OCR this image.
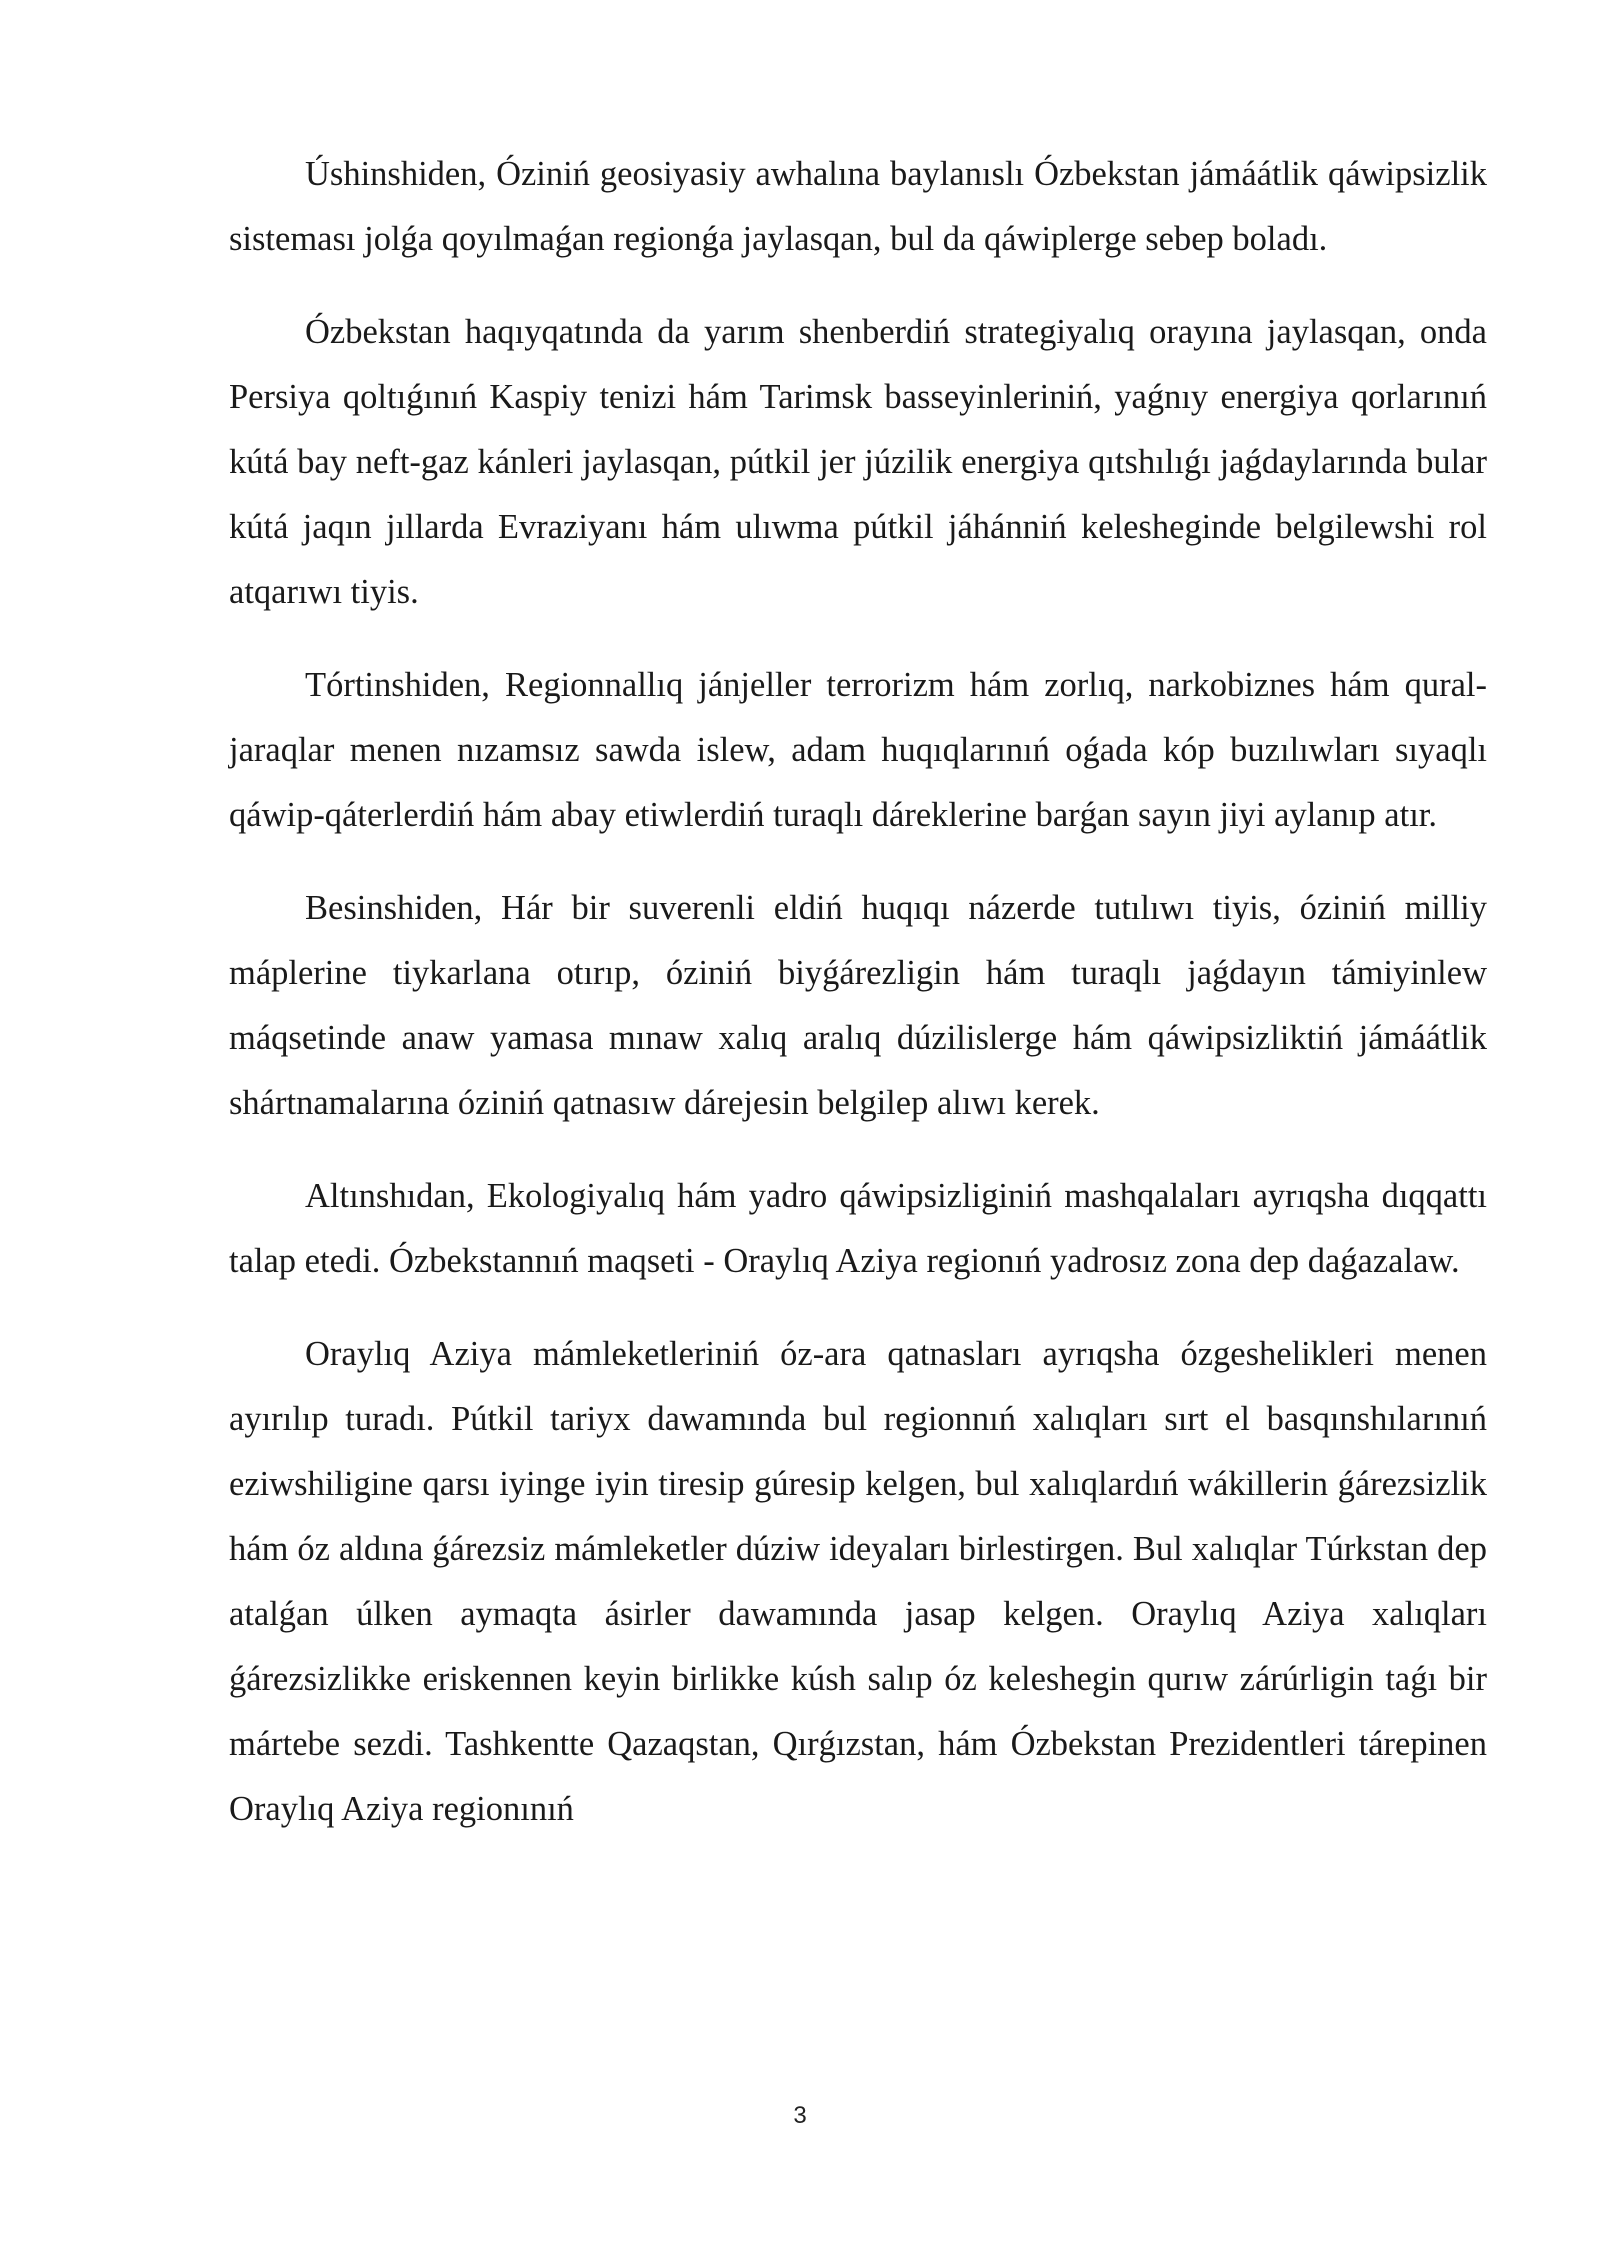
Úshinshiden, Óziniń geosiyasiy awhalına baylanıslı Ózbekstan jámáátlik qáwipsizlik sisteması jolǵa qoyılmaǵan regionǵa jaylasqan, bul da qáwiplerge sebep boladı.

Ózbekstan haqıyqatında da yarım shenberdiń strategiyalıq orayına jaylasqan, onda Persiya qoltıǵınıń Kaspiy tenizi hám Tarimsk basseyinleriniń, yaǵnıy energiya qorlarınıń kútá bay neft-gaz kánleri jaylasqan, pútkil jer júzilik energiya qıtshılıǵı jaǵdaylarında bular kútá jaqın jıllarda Evraziyanı hám ulıwma pútkil jáhánniń kelesheginde belgilewshi rol atqarıwı tiyis.

Tórtinshiden, Regionnallıq jánjeller terrorizm hám zorlıq, narkobiznes hám qural-jaraqlar menen nızamsız sawda islew, adam huqıqlarınıń oǵada kóp buzılıwları sıyaqlı qáwip-qáterlerdiń hám abay etiwlerdiń turaqlı dáreklerine barǵan sayın jiyi aylanıp atır.

Besinshiden, Hár bir suverenli eldiń huqıqı názerde tutılıwı tiyis, óziniń milliy máplerine tiykarlana otırıp, óziniń biyǵárezligin hám turaqlı jaǵdayın támiyinlew máqsetinde anaw yamasa mınaw xalıq aralıq dúzilislerge hám qáwipsizliktiń jámáátlik shártnamalarına óziniń qatnasıw dárejesin belgilep alıwı kerek.

Altınshıdan, Ekologiyalıq hám yadro qáwipsizliginiń mashqalaları ayrıqsha dıqqattı talap etedi. Ózbekstannıń maqseti - Oraylıq Aziya regionıń yadrosız zona dep daǵazalaw.

Oraylıq Aziya mámleketleriniń óz-ara qatnasları ayrıqsha ózgeshelikleri menen ayırılıp turadı. Pútkil tariyx dawamında bul regionnıń xalıqları sırt el basqınshılarınıń eziwshiligine qarsı iyinge iyin tiresip gúresip kelgen, bul xalıqlardıń wákillerin ǵárezsizlik hám óz aldına ǵárezsiz mámleketler dúziw ideyaları birlestirgen. Bul xalıqlar Túrkstan dep atalǵan úlken aymaqta ásirler dawamında jasap kelgen. Oraylıq Aziya xalıqları ǵárezsizlikke eriskennen keyin birlikke kúsh salıp óz keleshegin qurıw zárúrligin taǵı bir mártebe sezdi. Tashkentte Qazaqstan, Qırǵızstan, hám Ózbekstan Prezidentleri tárepinen Oraylıq Aziya regionınıń

3
